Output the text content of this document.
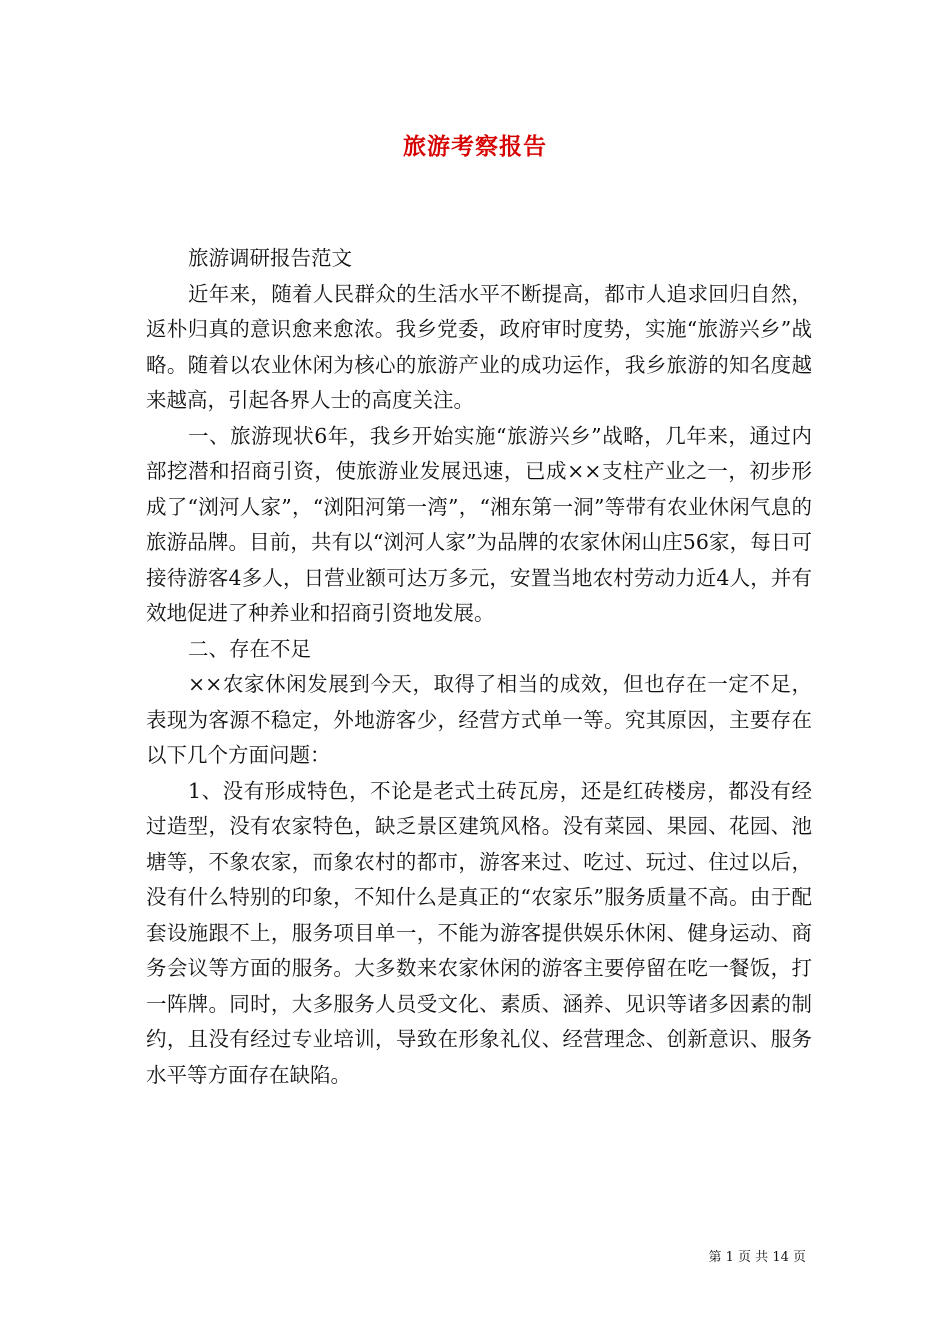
旅游考察报告

旅游调研报告范文

近年来，随着人民群众的生活水平不断提高，都市人追求回归自然，返朴归真的意识愈来愈浓。我乡党委，政府审时度势，实施“旅游兴乡”战略。随着以农业休闲为核心的旅游产业的成功运作，我乡旅游的知名度越来越高，引起各界人士的高度关注。

一、旅游现状6年，我乡开始实施“旅游兴乡”战略，几年来，通过内部挖潜和招商引资，使旅游业发展迅速，已成××支柱产业之一，初步形成了“浏河人家”，“浏阳河第一湾”，“湘东第一洞”等带有农业休闲气息的旅游品牌。目前，共有以“浏河人家”为品牌的农家休闲山庄56家，每日可接待游客4多人，日营业额可达万多元，安置当地农村劳动力近4人，并有效地促进了种养业和招商引资地发展。

二、存在不足

××农家休闲发展到今天，取得了相当的成效，但也存在一定不足，表现为客源不稳定，外地游客少，经营方式单一等。究其原因，主要存在以下几个方面问题：

1、没有形成特色，不论是老式土砖瓦房，还是红砖楼房，都没有经过造型，没有农家特色，缺乏景区建筑风格。没有菜园、果园、花园、池塘等，不象农家，而象农村的都市，游客来过、吃过、玩过、住过以后，没有什么特别的印象，不知什么是真正的“农家乐”服务质量不高。由于配套设施跟不上，服务项目单一，不能为游客提供娱乐休闲、健身运动、商务会议等方面的服务。大多数来农家休闲的游客主要停留在吃一餐饭，打一阵牌。同时，大多服务人员受文化、素质、涵养、见识等诸多因素的制约，且没有经过专业培训，导致在形象礼仪、经营理念、创新意识、服务水平等方面存在缺陷。

第 1 页 共 14 页
